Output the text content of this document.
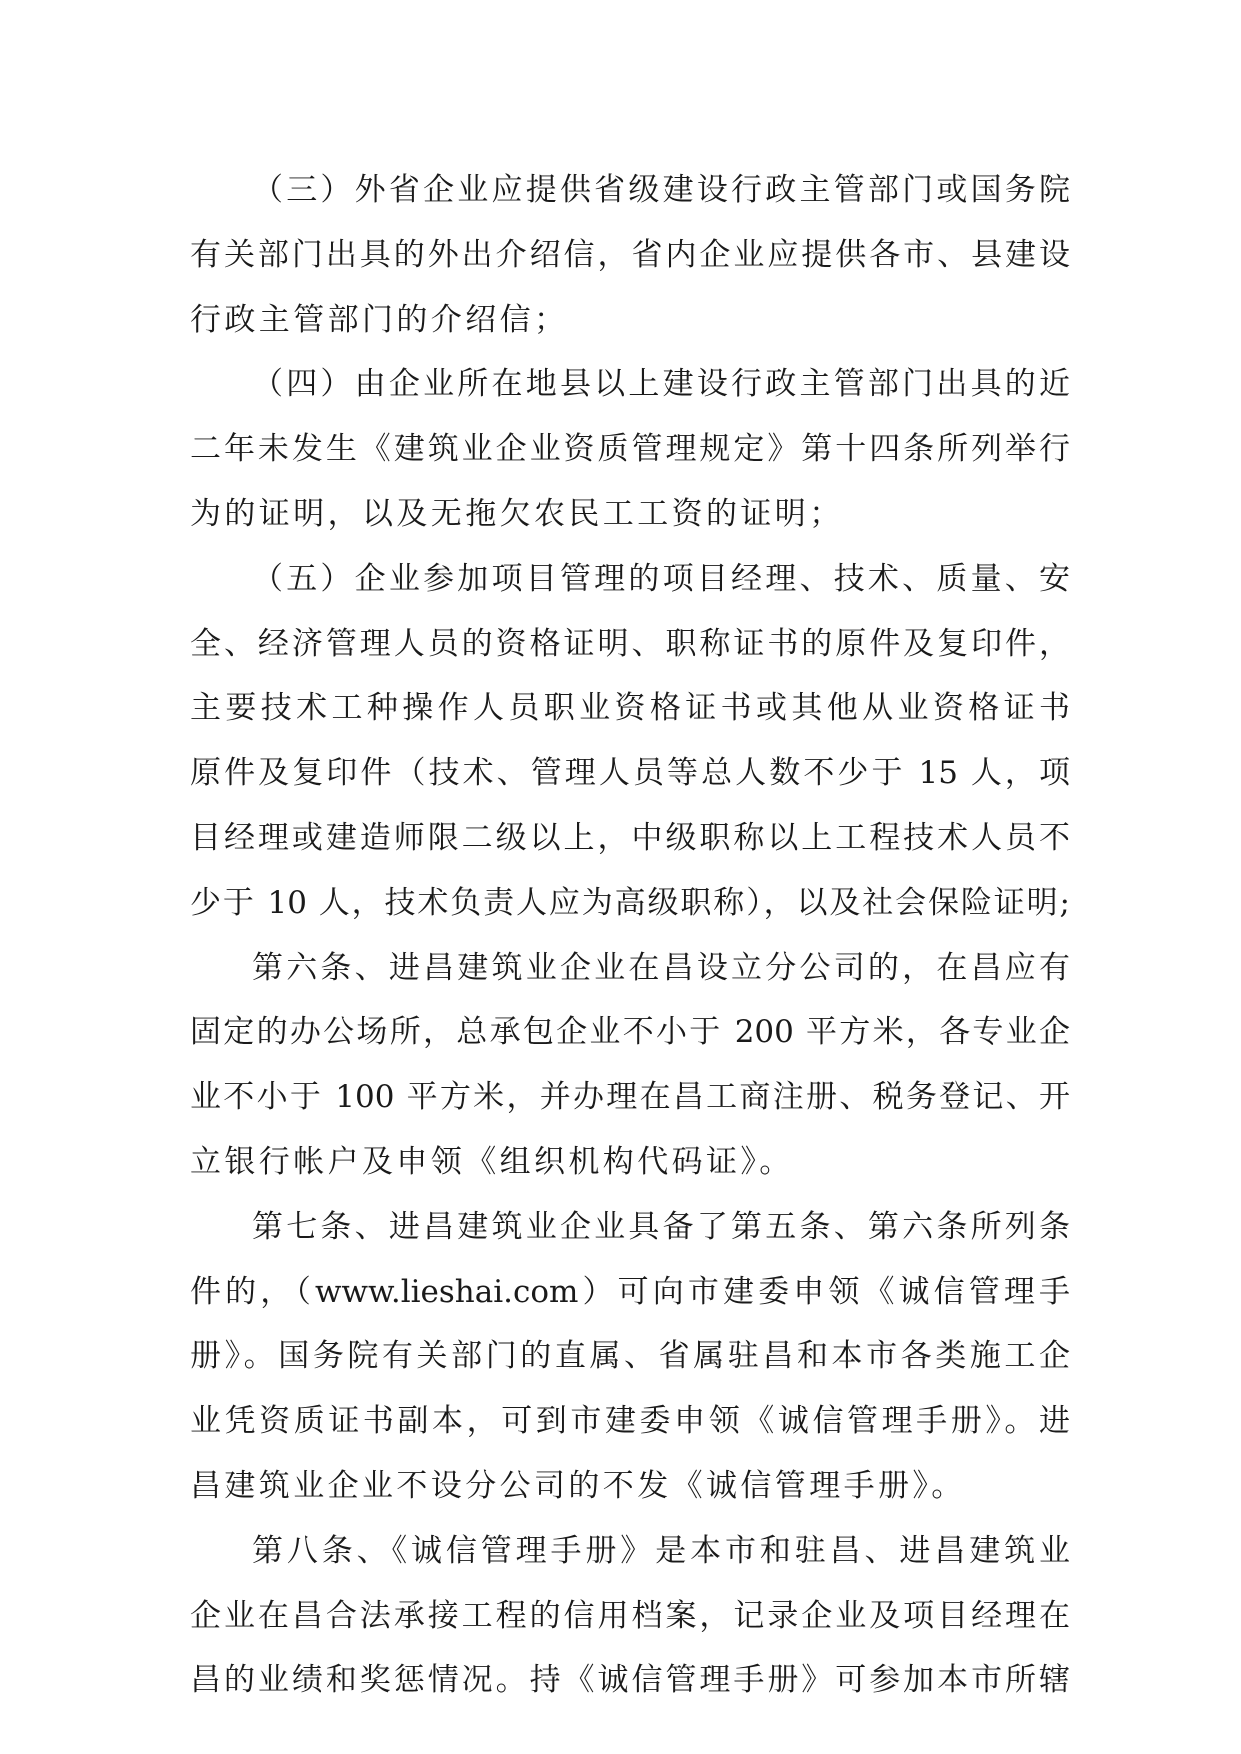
（三）外省企业应提供省级建设行政主管部门或国务院
有关部门出具的外出介绍信，省内企业应提供各市、县建设
行政主管部门的介绍信；
（四）由企业所在地县以上建设行政主管部门出具的近
二年未发生《建筑业企业资质管理规定》第十四条所列举行
为的证明，以及无拖欠农民工工资的证明；
（五）企业参加项目管理的项目经理、技术、质量、安
全、经济管理人员的资格证明、职称证书的原件及复印件，
主要技术工种操作人员职业资格证书或其他从业资格证书
原件及复印件（技术、管理人员等总人数不少于 15 人，项
目经理或建造师限二级以上，中级职称以上工程技术人员不
少于 10 人，技术负责人应为高级职称），以及社会保险证明;
第六条、进昌建筑业企业在昌设立分公司的，在昌应有
固定的办公场所，总承包企业不小于 200 平方米，各专业企
业不小于 100 平方米，并办理在昌工商注册、税务登记、开
立银行帐户及申领《组织机构代码证》。
第七条、进昌建筑业企业具备了第五条、第六条所列条
件的，（www.lieshai.com）可向市建委申领《诚信管理手
册》。国务院有关部门的直属、省属驻昌和本市各类施工企
业凭资质证书副本，可到市建委申领《诚信管理手册》。进
昌建筑业企业不设分公司的不发《诚信管理手册》。
第八条、《诚信管理手册》是本市和驻昌、进昌建筑业
企业在昌合法承接工程的信用档案，记录企业及项目经理在
昌的业绩和奖惩情况。持《诚信管理手册》可参加本市所辖
